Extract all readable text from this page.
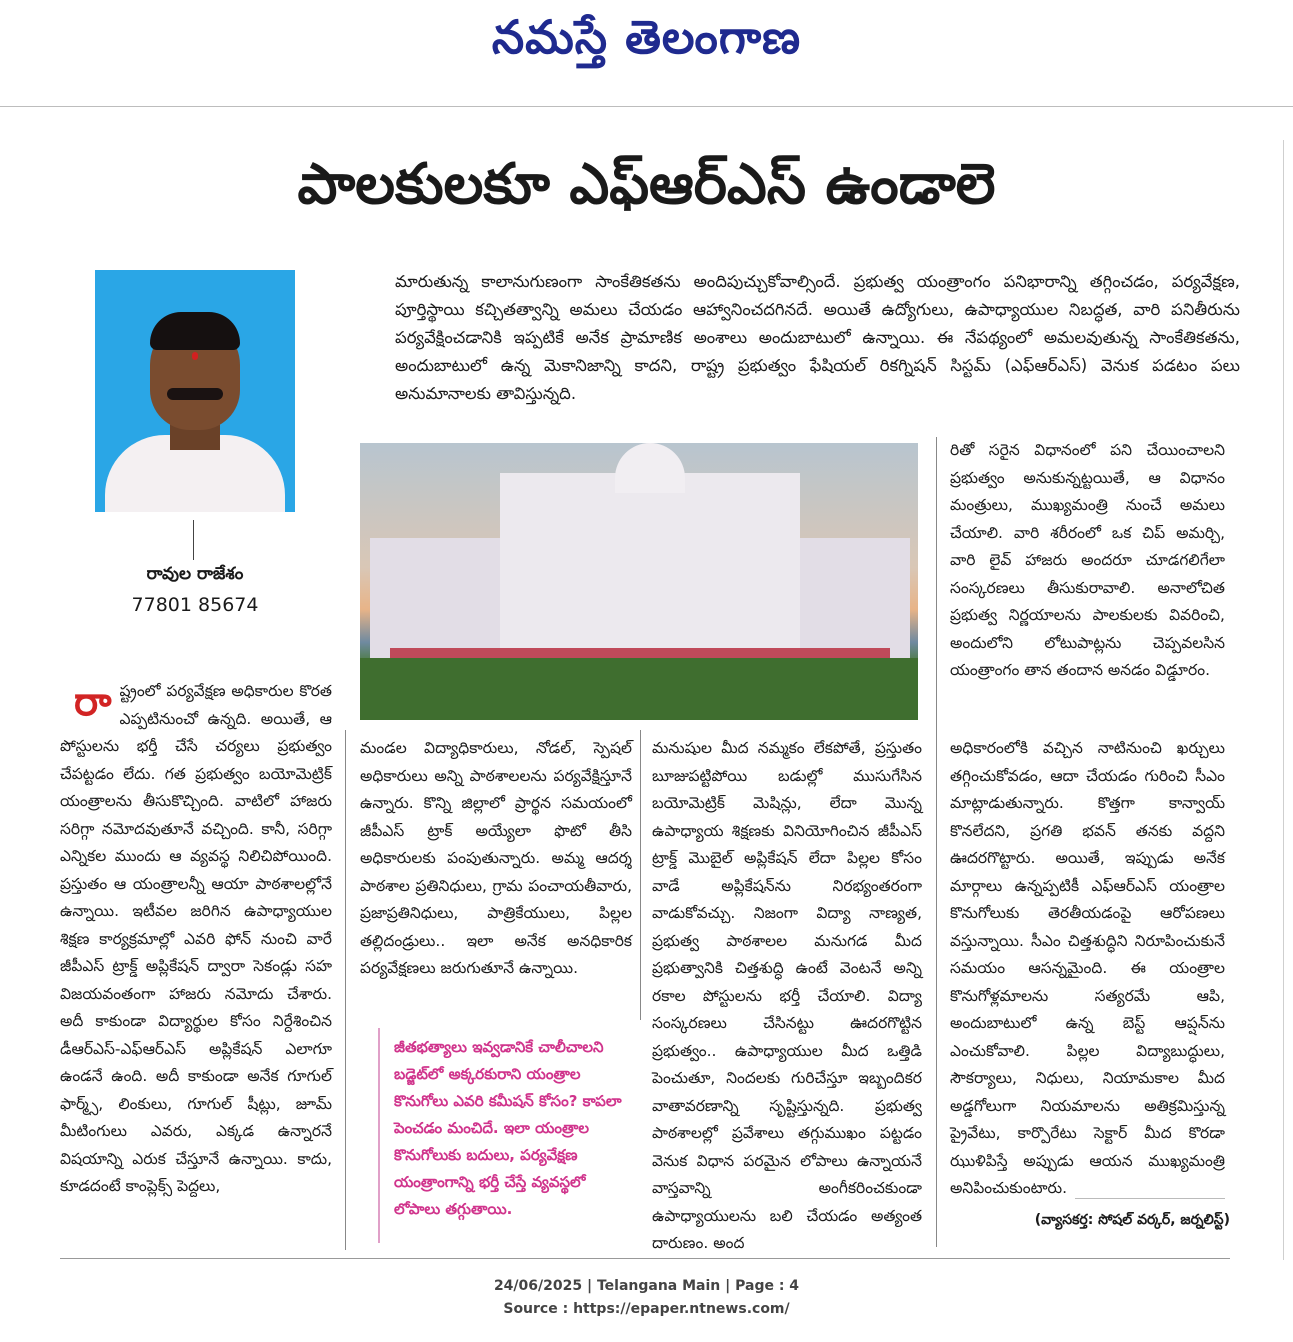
నమస్తే తెలంగాణ
పాలకులకూ ఎఫ్ఆర్ఎస్ ఉండాలె
రావుల రాజేశం
77801 85674

మారుతున్న కాలానుగుణంగా సాంకేతికతను అందిపుచ్చుకోవాల్సిందే. ప్రభుత్వ యంత్రాంగం పనిభారాన్ని తగ్గించడం, పర్యవేక్షణ, పూర్తిస్థాయి కచ్చితత్వాన్ని అమలు చేయడం ఆహ్వానించదగినదే. అయితే ఉద్యోగులు, ఉపాధ్యాయుల నిబద్ధత, వారి పనితీరును పర్యవేక్షించడానికి ఇప్పటికే అనేక ప్రామాణిక అంశాలు అందుబాటులో ఉన్నాయి. ఈ నేపథ్యంలో అమలవుతున్న సాంకేతికతను, అందుబాటులో ఉన్న మెకానిజాన్ని కాదని, రాష్ట్ర ప్రభుత్వం ఫేషియల్ రికగ్నిషన్ సిస్టమ్ (ఎఫ్ఆర్ఎస్) వెనుక పడటం పలు అనుమానాలకు తావిస్తున్నది.

రా ష్ట్రంలో పర్యవేక్షణ అధికారుల కొరత ఎప్పటినుంచో ఉన్నది. అయితే, ఆ పోస్టులను భర్తీ చేసే చర్యలు ప్రభుత్వం చేపట్టడం లేదు. గత ప్రభుత్వం బయోమెట్రిక్ యంత్రాలను తీసుకొచ్చింది. వాటిలో హాజరు సరిగ్గా నమోదవుతూనే వచ్చింది. కానీ, సరిగ్గా ఎన్నికల ముందు ఆ వ్యవస్థ నిలిచిపోయింది. ప్రస్తుతం ఆ యంత్రాలన్నీ ఆయా పాఠశాలల్లోనే ఉన్నాయి. ఇటీవల జరిగిన ఉపాధ్యాయుల శిక్షణ కార్యక్రమాల్లో ఎవరి ఫోన్ నుంచి వారే జీపీఎస్ ట్రాక్డ్ అప్లికేషన్ ద్వారా సెకండ్లు సహ విజయవంతంగా హాజరు నమోదు చేశారు. అదీ కాకుండా విద్యార్థుల కోసం నిర్దేశించిన డీఆర్ఎస్-ఎఫ్ఆర్ఎస్ అప్లికేషన్ ఎలాగూ ఉండనే ఉంది. అదీ కాకుండా అనేక గూగుల్ ఫార్మ్స్, లింకులు, గూగుల్ షీట్లు, జూమ్ మీటింగులు ఎవరు, ఎక్కడ ఉన్నారనే విషయాన్ని ఎరుక చేస్తూనే ఉన్నాయి. కాదు, కూడదంటే కాంప్లెక్స్ పెద్దలు,

మండల విద్యాధికారులు, నోడల్, స్పెషల్ అధికారులు అన్ని పాఠశాలలను పర్యవేక్షిస్తూనే ఉన్నారు. కొన్ని జిల్లాలో ప్రార్థన సమయంలో జీపీఎస్ ట్రాక్ అయ్యేలా ఫొటో తీసి అధికారులకు పంపుతున్నారు. అమ్మ ఆదర్శ పాఠశాల ప్రతినిధులు, గ్రామ పంచాయతీవారు, ప్రజాప్రతినిధులు, పాత్రికేయులు, పిల్లల తల్లిదండ్రులు.. ఇలా అనేక అనధికారిక పర్యవేక్షణలు జరుగుతూనే ఉన్నాయి.

జీతభత్యాలు ఇవ్వడానికే చాలీచాలని బడ్జెట్‌లో అక్కరకురాని యంత్రాల కొనుగోలు ఎవరి కమీషన్ కోసం? కాపలా పెంచడం మంచిదే. ఇలా యంత్రాల కొనుగోలుకు బదులు, పర్యవేక్షణ యంత్రాంగాన్ని భర్తీ చేస్తే వ్యవస్థలో లోపాలు తగ్గుతాయి.

మనుషుల మీద నమ్మకం లేకపోతే, ప్రస్తుతం బూజుపట్టిపోయి బడుల్లో ముసుగేసిన బయోమెట్రిక్ మెషిన్లు, లేదా మొన్న ఉపాధ్యాయ శిక్షణకు వినియోగించిన జీపీఎస్ ట్రాక్డ్ మొబైల్ అప్లికేషన్ లేదా పిల్లల కోసం వాడే అప్లికేషన్‌ను నిరభ్యంతరంగా వాడుకోవచ్చు. నిజంగా విద్యా నాణ్యత, ప్రభుత్వ పాఠశాలల మనుగడ మీద ప్రభుత్వానికి చిత్తశుద్ధి ఉంటే వెంటనే అన్ని రకాల పోస్టులను భర్తీ చేయాలి. విద్యా సంస్కరణలు చేసినట్టు ఊదరగొట్టిన ప్రభుత్వం.. ఉపాధ్యాయుల మీద ఒత్తిడి పెంచుతూ, నిందలకు గురిచేస్తూ ఇబ్బందికర వాతావరణాన్ని సృష్టిస్తున్నది. ప్రభుత్వ పాఠశాలల్లో ప్రవేశాలు తగ్గుముఖం పట్టడం వెనుక విధాన పరమైన లోపాలు ఉన్నాయనే వాస్తవాన్ని అంగీకరించకుండా ఉపాధ్యాయులను బలి చేయడం అత్యంత దారుణం. అంద

రితో సరైన విధానంలో పని చేయించాలని ప్రభుత్వం అనుకున్నట్టయితే, ఆ విధానం మంత్రులు, ముఖ్యమంత్రి నుంచే అమలు చేయాలి. వారి శరీరంలో ఒక చిప్ అమర్చి, వారి లైవ్ హాజరు అందరూ చూడగలిగేలా సంస్కరణలు తీసుకురావాలి. అనాలోచిత ప్రభుత్వ నిర్ణయాలను పాలకులకు వివరించి, అందులోని లోటుపాట్లను చెప్పవలసిన యంత్రాంగం తాన తందాన అనడం విడ్డూరం.

అధికారంలోకి వచ్చిన నాటినుంచి ఖర్చులు తగ్గించుకోవడం, ఆదా చేయడం గురించి సీఎం మాట్లాడుతున్నారు. కొత్తగా కాన్వాయ్ కొనలేదని, ప్రగతి భవన్ తనకు వద్దని ఊదరగొట్టారు. అయితే, ఇప్పుడు అనేక మార్గాలు ఉన్నప్పటికీ ఎఫ్ఆర్ఎస్ యంత్రాల కొనుగోలుకు తెరతీయడంపై ఆరోపణలు వస్తున్నాయి. సీఎం చిత్తశుద్ధిని నిరూపించుకునే సమయం ఆసన్నమైంది. ఈ యంత్రాల కొనుగోళ్లమాలను సత్యరమే ఆపి, అందుబాటులో ఉన్న బెస్ట్ ఆప్షన్‌ను ఎంచుకోవాలి. పిల్లల విద్యాబుద్ధులు, సౌకర్యాలు, నిధులు, నియామకాల మీద అడ్డగోలుగా నియమాలను అతిక్రమిస్తున్న ప్రైవేటు, కార్పొరేటు సెక్టార్ మీద కొరడా ఝుళిపిస్తే అప్పుడు ఆయన ముఖ్యమంత్రి అనిపించుకుంటారు.

(వ్యాసకర్త: సోషల్ వర్కర్, జర్నలిస్ట్)
24/06/2025 | Telangana Main | Page : 4
Source : https://epaper.ntnews.com/
